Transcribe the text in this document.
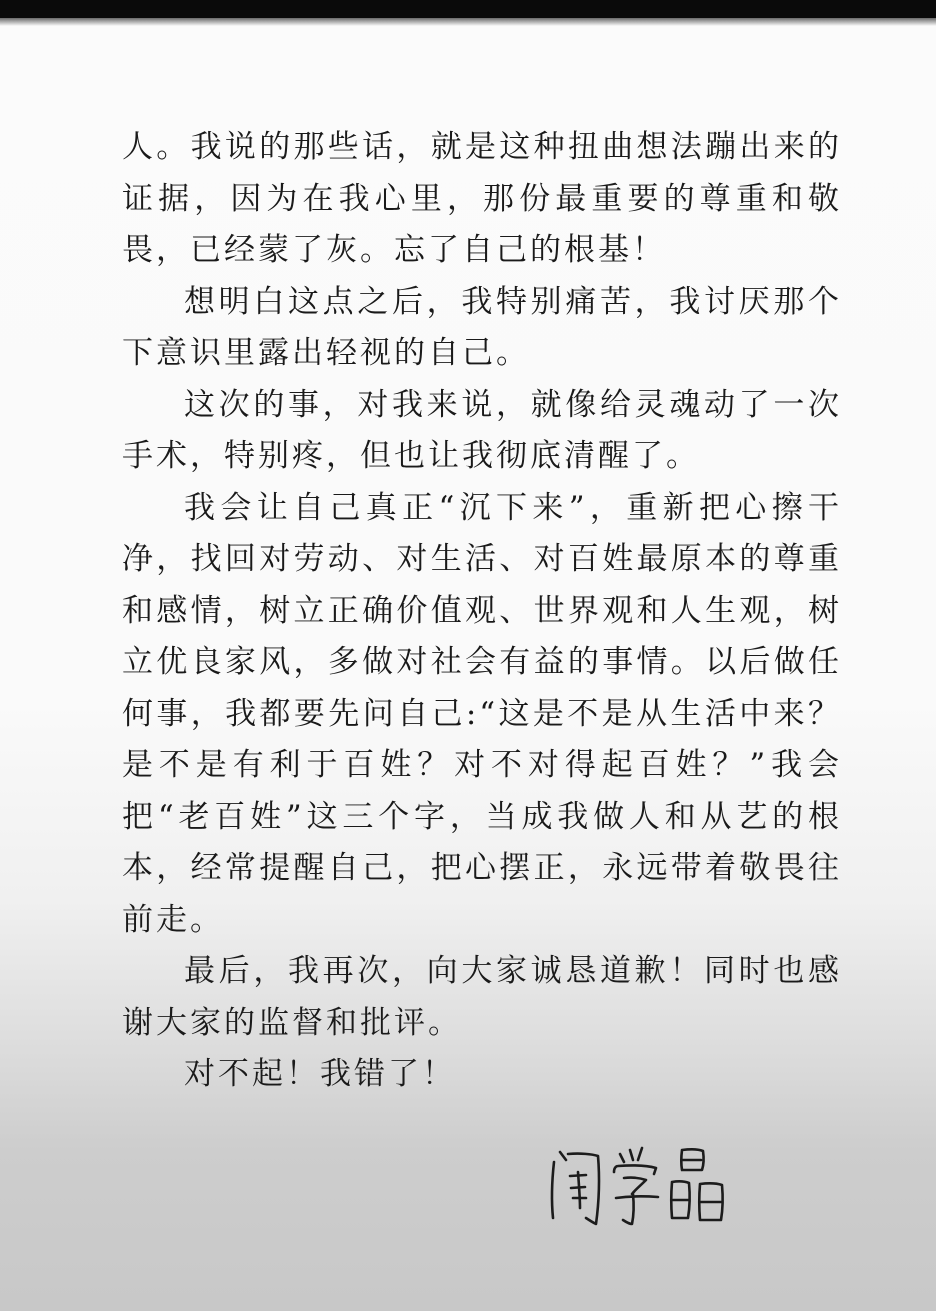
人。我说的那些话，就是这种扭曲想法蹦出来的证据，因为在我心里，那份最重要的尊重和敬畏，已经蒙了灰。忘了自己的根基！

想明白这点之后，我特别痛苦，我讨厌那个下意识里露出轻视的自己。

这次的事，对我来说，就像给灵魂动了一次手术，特别疼，但也让我彻底清醒了。

我会让自己真正“沉下来”，重新把心擦干净，找回对劳动、对生活、对百姓最原本的尊重和感情，树立正确价值观、世界观和人生观，树立优良家风，多做对社会有益的事情。以后做任何事，我都要先问自己:“这是不是从生活中来？是不是有利于百姓？对不对得起百姓？”我会把“老百姓”这三个字，当成我做人和从艺的根本，经常提醒自己，把心摆正，永远带着敬畏往前走。

最后，我再次，向大家诚恳道歉！同时也感谢大家的监督和批评。

对不起！我错了！
